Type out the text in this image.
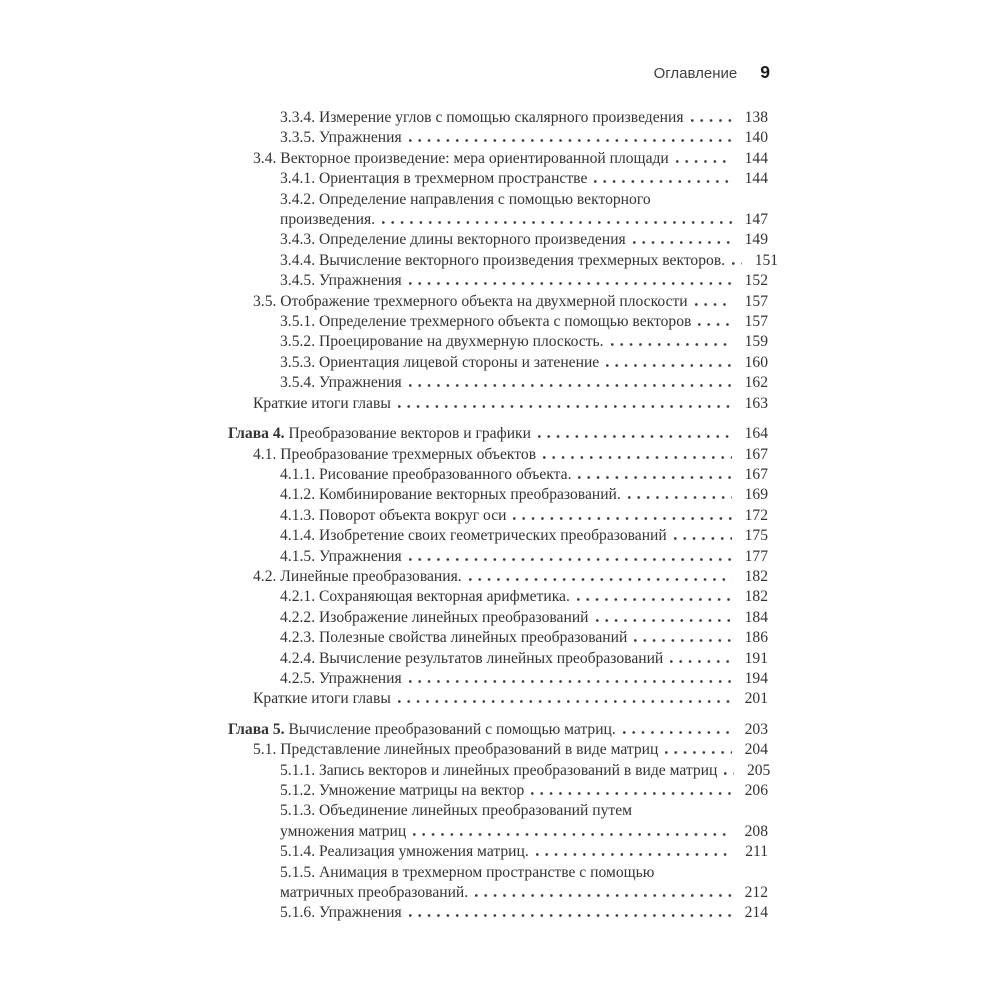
Оглавление 9
3.3.4. Измерение углов с помощью скалярного произведения	138
3.3.5. Упражнения	140
3.4. Векторное произведение: мера ориентированной площади	144
3.4.1. Ориентация в трехмерном пространстве	144
3.4.2. Определение направления с помощью векторного
произведения.	147
3.4.3. Определение длины векторного произведения	149
3.4.4. Вычисление векторного произведения трехмерных векторов.	151
3.4.5. Упражнения	152
3.5. Отображение трехмерного объекта на двухмерной плоскости	157
3.5.1. Определение трехмерного объекта с помощью векторов	157
3.5.2. Проецирование на двухмерную плоскость.	159
3.5.3. Ориентация лицевой стороны и затенение	160
3.5.4. Упражнения	162
Краткие итоги главы	163
Глава 4. Преобразование векторов и графики	164
4.1. Преобразование трехмерных объектов	167
4.1.1. Рисование преобразованного объекта.	167
4.1.2. Комбинирование векторных преобразований.	169
4.1.3. Поворот объекта вокруг оси	172
4.1.4. Изобретение своих геометрических преобразований	175
4.1.5. Упражнения	177
4.2. Линейные преобразования.	182
4.2.1. Сохраняющая векторная арифметика.	182
4.2.2. Изображение линейных преобразований	184
4.2.3. Полезные свойства линейных преобразований	186
4.2.4. Вычисление результатов линейных преобразований	191
4.2.5. Упражнения	194
Краткие итоги главы	201
Глава 5. Вычисление преобразований с помощью матриц.	203
5.1. Представление линейных преобразований в виде матриц	204
5.1.1. Запись векторов и линейных преобразований в виде матриц	205
5.1.2. Умножение матрицы на вектор	206
5.1.3. Объединение линейных преобразований путем
умножения матриц	208
5.1.4. Реализация умножения матриц.	211
5.1.5. Анимация в трехмерном пространстве с помощью
матричных преобразований.	212
5.1.6. Упражнения	214
